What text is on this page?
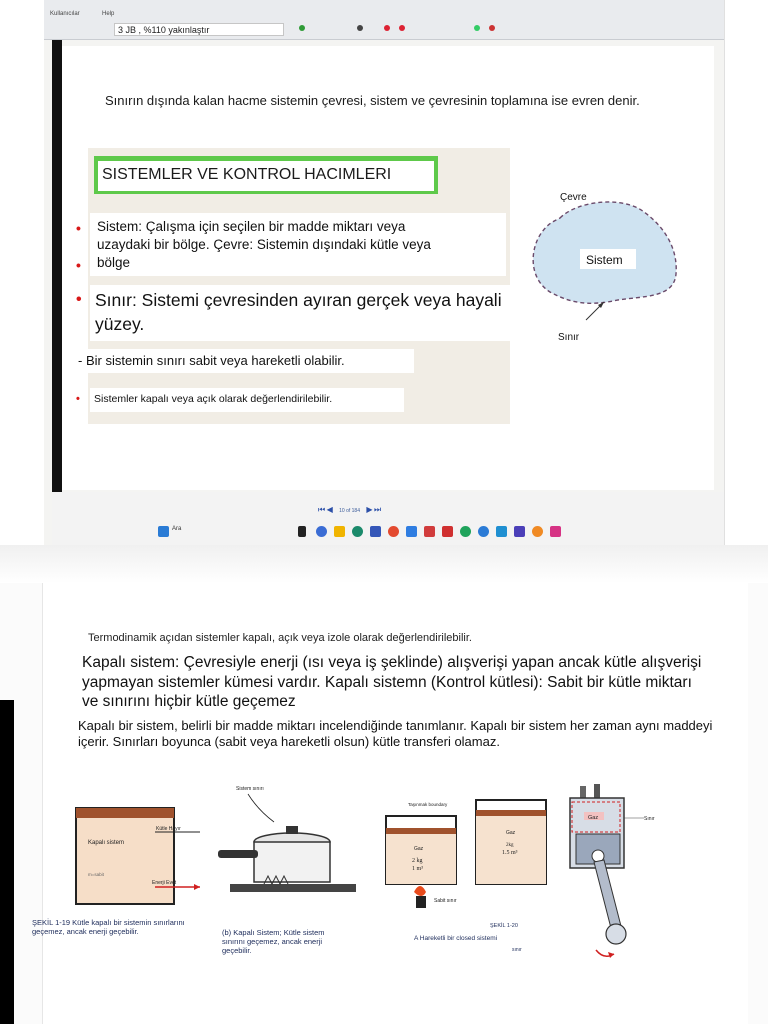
Kullanıcılar	Help
3 JB , %110 yakınlaştır
Sınırın dışında kalan hacme sistemin çevresi, sistem ve çevresinin toplamına ise evren denir.
SISTEMLER VE KONTROL HACIMLERI
•
•
Sistem: Çalışma için seçilen bir madde miktarı veya
uzaydaki bir bölge. Çevre: Sistemin dışındaki kütle veya
bölge
• Sınır: Sistemi çevresinden ayıran gerçek veya hayali yüzey.
- Bir sistemin sınırı sabit veya hareketli olabilir.
•	Sistemler kapalı veya açık olarak değerlendirilebilir.
Sistem
Çevre
Sınır
⏮ ◀ 10 of 184 ▶ ⏭
Ara
Termodinamik açıdan sistemler kapalı, açık veya izole olarak değerlendirilebilir.
Kapalı sistem: Çevresiyle enerji (ısı veya iş şeklinde) alışverişi yapan ancak kütle alışverişi yapmayan sistemler kümesi vardır. Kapalı sistemn (Kontrol kütlesi): Sabit bir kütle miktarı ve sınırını hiçbir kütle geçemez
Kapalı bir sistem, belirli bir madde miktarı incelendiğinde tanımlanır. Kapalı bir sistem her zaman aynı maddeyi içerir. Sınırları boyunca (sabit veya hareketli olsun) kütle transferi olamaz.
Kapalı sistem
Kütle Hayır
Enerji Evet
m=sabit
ŞEKİL 1-19 Kütle kapalı bir sistemin sınırlarını geçemez, ancak enerji geçebilir.
Sistem sınırı
(b) Kapalı Sistem; Kütle sistem sınırını geçemez, ancak enerji geçebilir.
Taşınmak boundary
Gaz
2 kg
1 m³
Sabit sınır
Gaz
2kg
1.5 m³
ŞEKİL 1-20
A Hareketli bir closed sistemi
sınır
Gaz	Sınır
